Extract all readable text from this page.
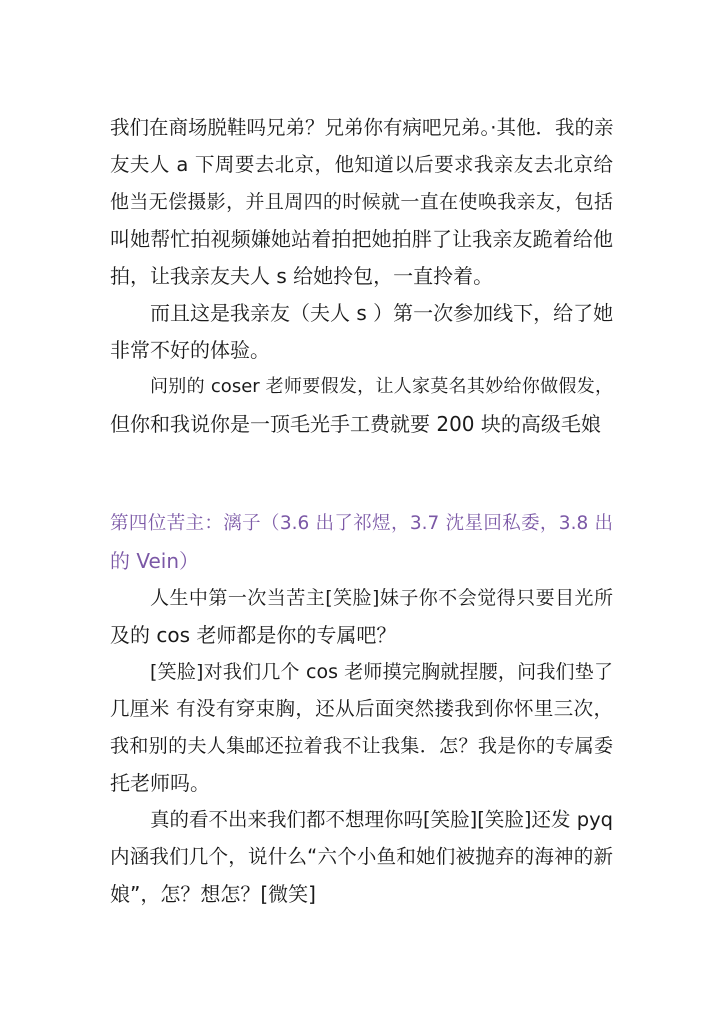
我们在商场脱鞋吗兄弟？兄弟你有病吧兄弟。·其他．我的亲
友夫人 a 下周要去北京，他知道以后要求我亲友去北京给
他当无偿摄影，并且周四的时候就一直在使唤我亲友，包括
叫她帮忙拍视频嫌她站着拍把她拍胖了让我亲友跪着给他
拍，让我亲友夫人 s 给她拎包，一直拎着。
而且这是我亲友（夫人 s ）第一次参加线下，给了她
非常不好的体验。
问别的 coser 老师要假发，让人家莫名其妙给你做假发，
但你和我说你是一顶毛光手工费就要 200 块的高级毛娘
第四位苦主：漓子（3.6 出了祁煜，3.7 沈星回私委，3.8 出
的 Vein）
人生中第一次当苦主[笑脸]妹子你不会觉得只要目光所
及的 cos 老师都是你的专属吧？
[笑脸]对我们几个 cos 老师摸完胸就捏腰，问我们垫了
几厘米 有没有穿束胸，还从后面突然搂我到你怀里三次，
我和别的夫人集邮还拉着我不让我集．怎？我是你的专属委
托老师吗。
真的看不出来我们都不想理你吗[笑脸][笑脸]还发 pyq
内涵我们几个，说什么“六个小鱼和她们被抛弃的海神的新
娘”，怎？想怎？[微笑]
